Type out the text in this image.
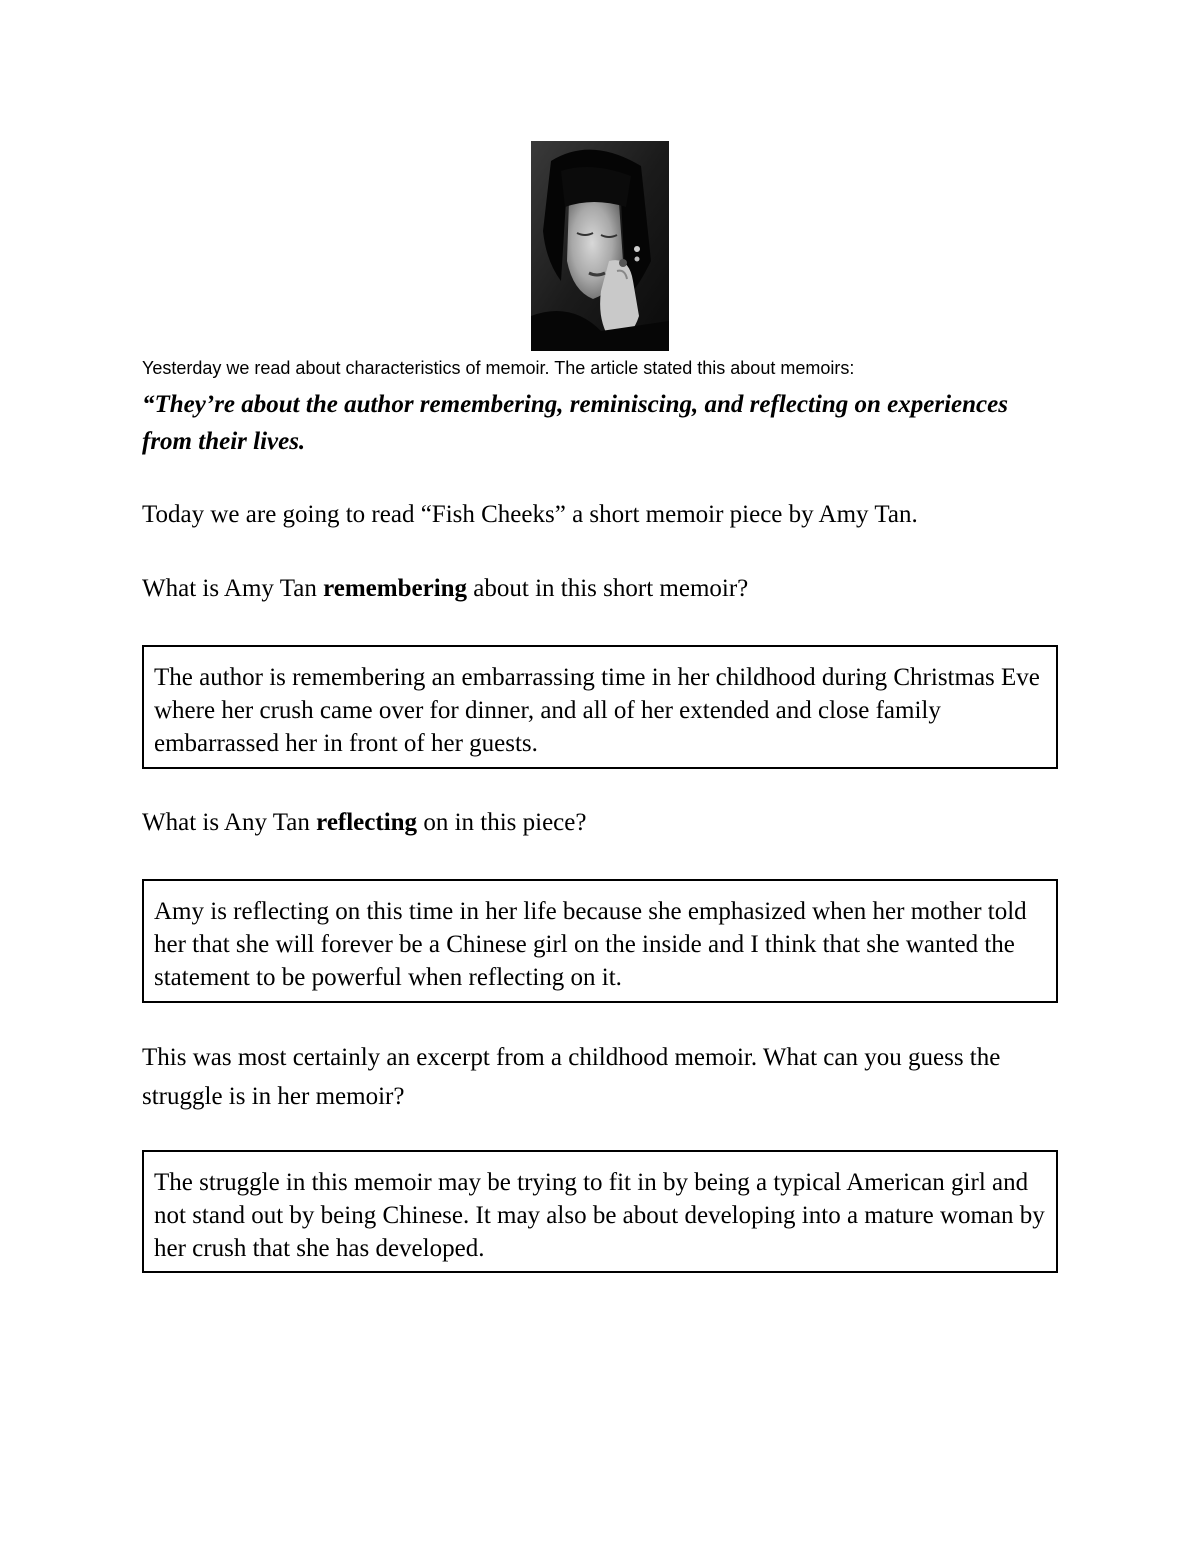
Yesterday we read about characteristics of memoir. The article stated this about memoirs:
“They’re about the author remembering, reminiscing, and reflecting on experiences from their lives.
Today we are going to read “Fish Cheeks” a short memoir piece by Amy Tan.
What is Amy Tan remembering about in this short memoir?
The author is remembering an embarrassing time in her childhood during Christmas Eve where her crush came over for dinner, and all of her extended and close family embarrassed her in front of her guests.
What is Any Tan reflecting on in this piece?
Amy is reflecting on this time in her life because she emphasized when her mother told her that she will forever be a Chinese girl on the inside and I think that she wanted the statement to be powerful when reflecting on it.
This was most certainly an excerpt from a childhood memoir. What can you guess the struggle is in her memoir?
The struggle in this memoir may be trying to fit in by being a typical American girl and not stand out by being Chinese. It may also be about developing into a mature woman by her crush that she has developed.
